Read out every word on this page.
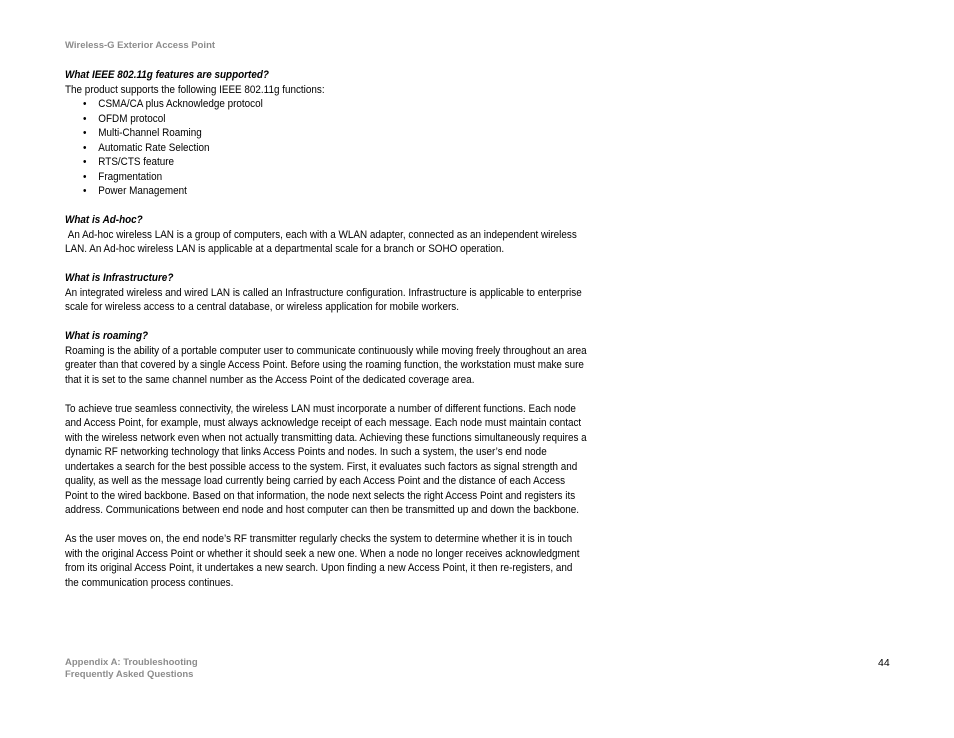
Wireless-G Exterior Access Point

What IEEE 802.11g features are supported?

The product supports the following IEEE 802.11g functions:

• CSMA/CA plus Acknowledge protocol
• OFDM protocol
• Multi-Channel Roaming
• Automatic Rate Selection
• RTS/CTS feature
• Fragmentation
• Power Management

What is Ad-hoc?

An Ad-hoc wireless LAN is a group of computers, each with a WLAN adapter, connected as an independent wireless LAN. An Ad-hoc wireless LAN is applicable at a departmental scale for a branch or SOHO operation.

What is Infrastructure?

An integrated wireless and wired LAN is called an Infrastructure configuration. Infrastructure is applicable to enterprise scale for wireless access to a central database, or wireless application for mobile workers.

What is roaming?

Roaming is the ability of a portable computer user to communicate continuously while moving freely throughout an area greater than that covered by a single Access Point. Before using the roaming function, the workstation must make sure that it is set to the same channel number as the Access Point of the dedicated coverage area.

To achieve true seamless connectivity, the wireless LAN must incorporate a number of different functions. Each node and Access Point, for example, must always acknowledge receipt of each message. Each node must maintain contact with the wireless network even when not actually transmitting data. Achieving these functions simultaneously requires a dynamic RF networking technology that links Access Points and nodes. In such a system, the user’s end node undertakes a search for the best possible access to the system. First, it evaluates such factors as signal strength and quality, as well as the message load currently being carried by each Access Point and the distance of each Access Point to the wired backbone. Based on that information, the node next selects the right Access Point and registers its address. Communications between end node and host computer can then be transmitted up and down the backbone.

As the user moves on, the end node’s RF transmitter regularly checks the system to determine whether it is in touch with the original Access Point or whether it should seek a new one. When a node no longer receives acknowledgment from its original Access Point, it undertakes a new search. Upon finding a new Access Point, it then re-registers, and the communication process continues.

Appendix A: Troubleshooting
Frequently Asked Questions
44
